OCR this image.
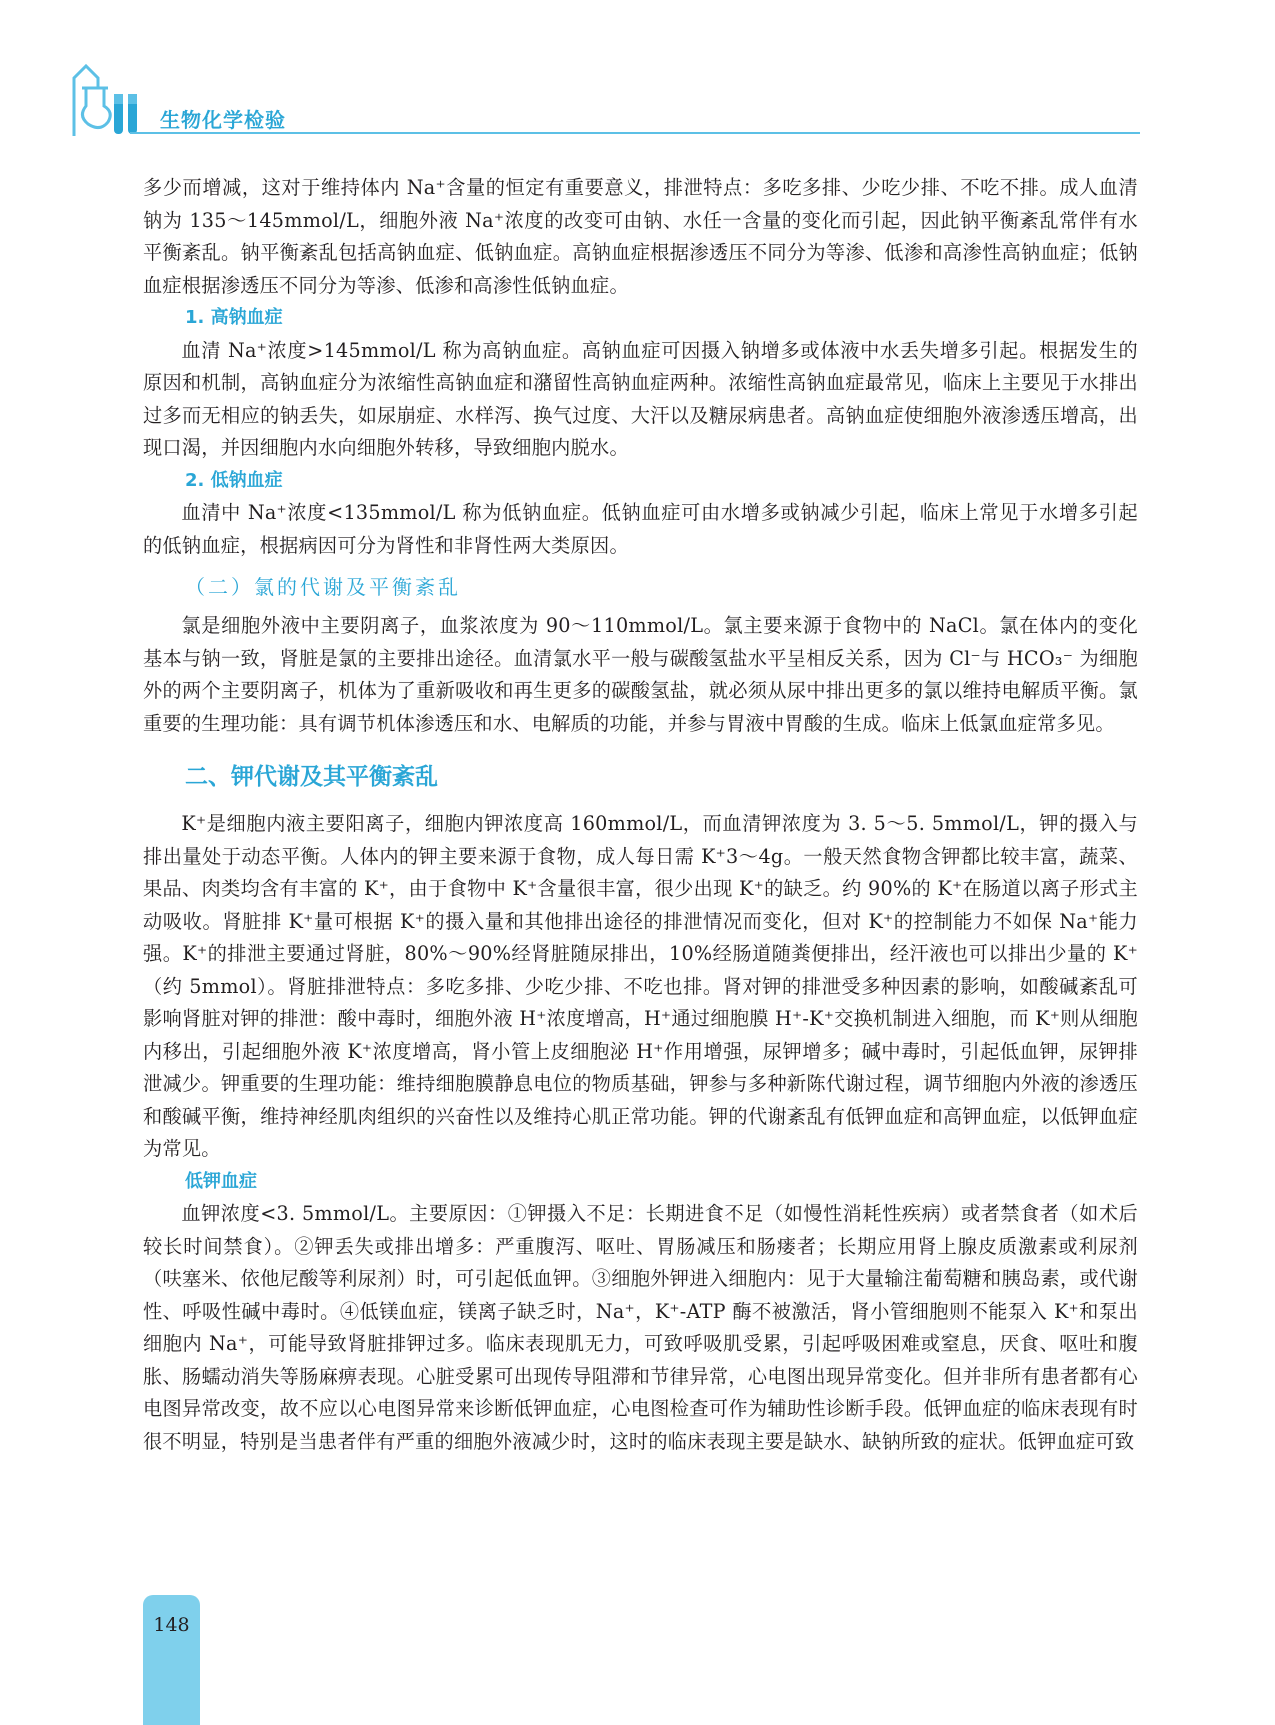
生物化学检验

多少而增减，这对于维持体内 Na⁺含量的恒定有重要意义，排泄特点：多吃多排、少吃少排、不吃不排。成人血清钠为 135～145mmol/L，细胞外液 Na⁺浓度的改变可由钠、水任一含量的变化而引起，因此钠平衡紊乱常伴有水平衡紊乱。钠平衡紊乱包括高钠血症、低钠血症。高钠血症根据渗透压不同分为等渗、低渗和高渗性高钠血症；低钠血症根据渗透压不同分为等渗、低渗和高渗性低钠血症。

1. 高钠血症

血清 Na⁺浓度>145mmol/L 称为高钠血症。高钠血症可因摄入钠增多或体液中水丢失增多引起。根据发生的原因和机制，高钠血症分为浓缩性高钠血症和潴留性高钠血症两种。浓缩性高钠血症最常见，临床上主要见于水排出过多而无相应的钠丢失，如尿崩症、水样泻、换气过度、大汗以及糖尿病患者。高钠血症使细胞外液渗透压增高，出现口渴，并因细胞内水向细胞外转移，导致细胞内脱水。

2. 低钠血症

血清中 Na⁺浓度<135mmol/L 称为低钠血症。低钠血症可由水增多或钠减少引起，临床上常见于水增多引起的低钠血症，根据病因可分为肾性和非肾性两大类原因。

（二）氯的代谢及平衡紊乱

氯是细胞外液中主要阴离子，血浆浓度为 90～110mmol/L。氯主要来源于食物中的 NaCl。氯在体内的变化基本与钠一致，肾脏是氯的主要排出途径。血清氯水平一般与碳酸氢盐水平呈相反关系，因为 Cl⁻与 HCO₃⁻ 为细胞外的两个主要阴离子，机体为了重新吸收和再生更多的碳酸氢盐，就必须从尿中排出更多的氯以维持电解质平衡。氯重要的生理功能：具有调节机体渗透压和水、电解质的功能，并参与胃液中胃酸的生成。临床上低氯血症常多见。

二、钾代谢及其平衡紊乱

K⁺是细胞内液主要阳离子，细胞内钾浓度高 160mmol/L，而血清钾浓度为 3. 5～5. 5mmol/L，钾的摄入与排出量处于动态平衡。人体内的钾主要来源于食物，成人每日需 K⁺3～4g。一般天然食物含钾都比较丰富，蔬菜、果品、肉类均含有丰富的 K⁺，由于食物中 K⁺含量很丰富，很少出现 K⁺的缺乏。约 90%的 K⁺在肠道以离子形式主动吸收。肾脏排 K⁺量可根据 K⁺的摄入量和其他排出途径的排泄情况而变化，但对 K⁺的控制能力不如保 Na⁺能力强。K⁺的排泄主要通过肾脏，80%～90%经肾脏随尿排出，10%经肠道随粪便排出，经汗液也可以排出少量的 K⁺（约 5mmol）。肾脏排泄特点：多吃多排、少吃少排、不吃也排。肾对钾的排泄受多种因素的影响，如酸碱紊乱可影响肾脏对钾的排泄：酸中毒时，细胞外液 H⁺浓度增高，H⁺通过细胞膜 H⁺-K⁺交换机制进入细胞，而 K⁺则从细胞内移出，引起细胞外液 K⁺浓度增高，肾小管上皮细胞泌 H⁺作用增强，尿钾增多；碱中毒时，引起低血钾，尿钾排泄减少。钾重要的生理功能：维持细胞膜静息电位的物质基础，钾参与多种新陈代谢过程，调节细胞内外液的渗透压和酸碱平衡，维持神经肌肉组织的兴奋性以及维持心肌正常功能。钾的代谢紊乱有低钾血症和高钾血症，以低钾血症为常见。

低钾血症

血钾浓度<3. 5mmol/L。主要原因：①钾摄入不足：长期进食不足（如慢性消耗性疾病）或者禁食者（如术后较长时间禁食）。②钾丢失或排出增多：严重腹泻、呕吐、胃肠减压和肠瘘者；长期应用肾上腺皮质激素或利尿剂（呋塞米、依他尼酸等利尿剂）时，可引起低血钾。③细胞外钾进入细胞内：见于大量输注葡萄糖和胰岛素，或代谢性、呼吸性碱中毒时。④低镁血症，镁离子缺乏时，Na⁺，K⁺-ATP 酶不被激活，肾小管细胞则不能泵入 K⁺和泵出细胞内 Na⁺，可能导致肾脏排钾过多。临床表现肌无力，可致呼吸肌受累，引起呼吸困难或窒息，厌食、呕吐和腹胀、肠蠕动消失等肠麻痹表现。心脏受累可出现传导阻滞和节律异常，心电图出现异常变化。但并非所有患者都有心电图异常改变，故不应以心电图异常来诊断低钾血症，心电图检查可作为辅助性诊断手段。低钾血症的临床表现有时很不明显，特别是当患者伴有严重的细胞外液减少时，这时的临床表现主要是缺水、缺钠所致的症状。低钾血症可致

148
